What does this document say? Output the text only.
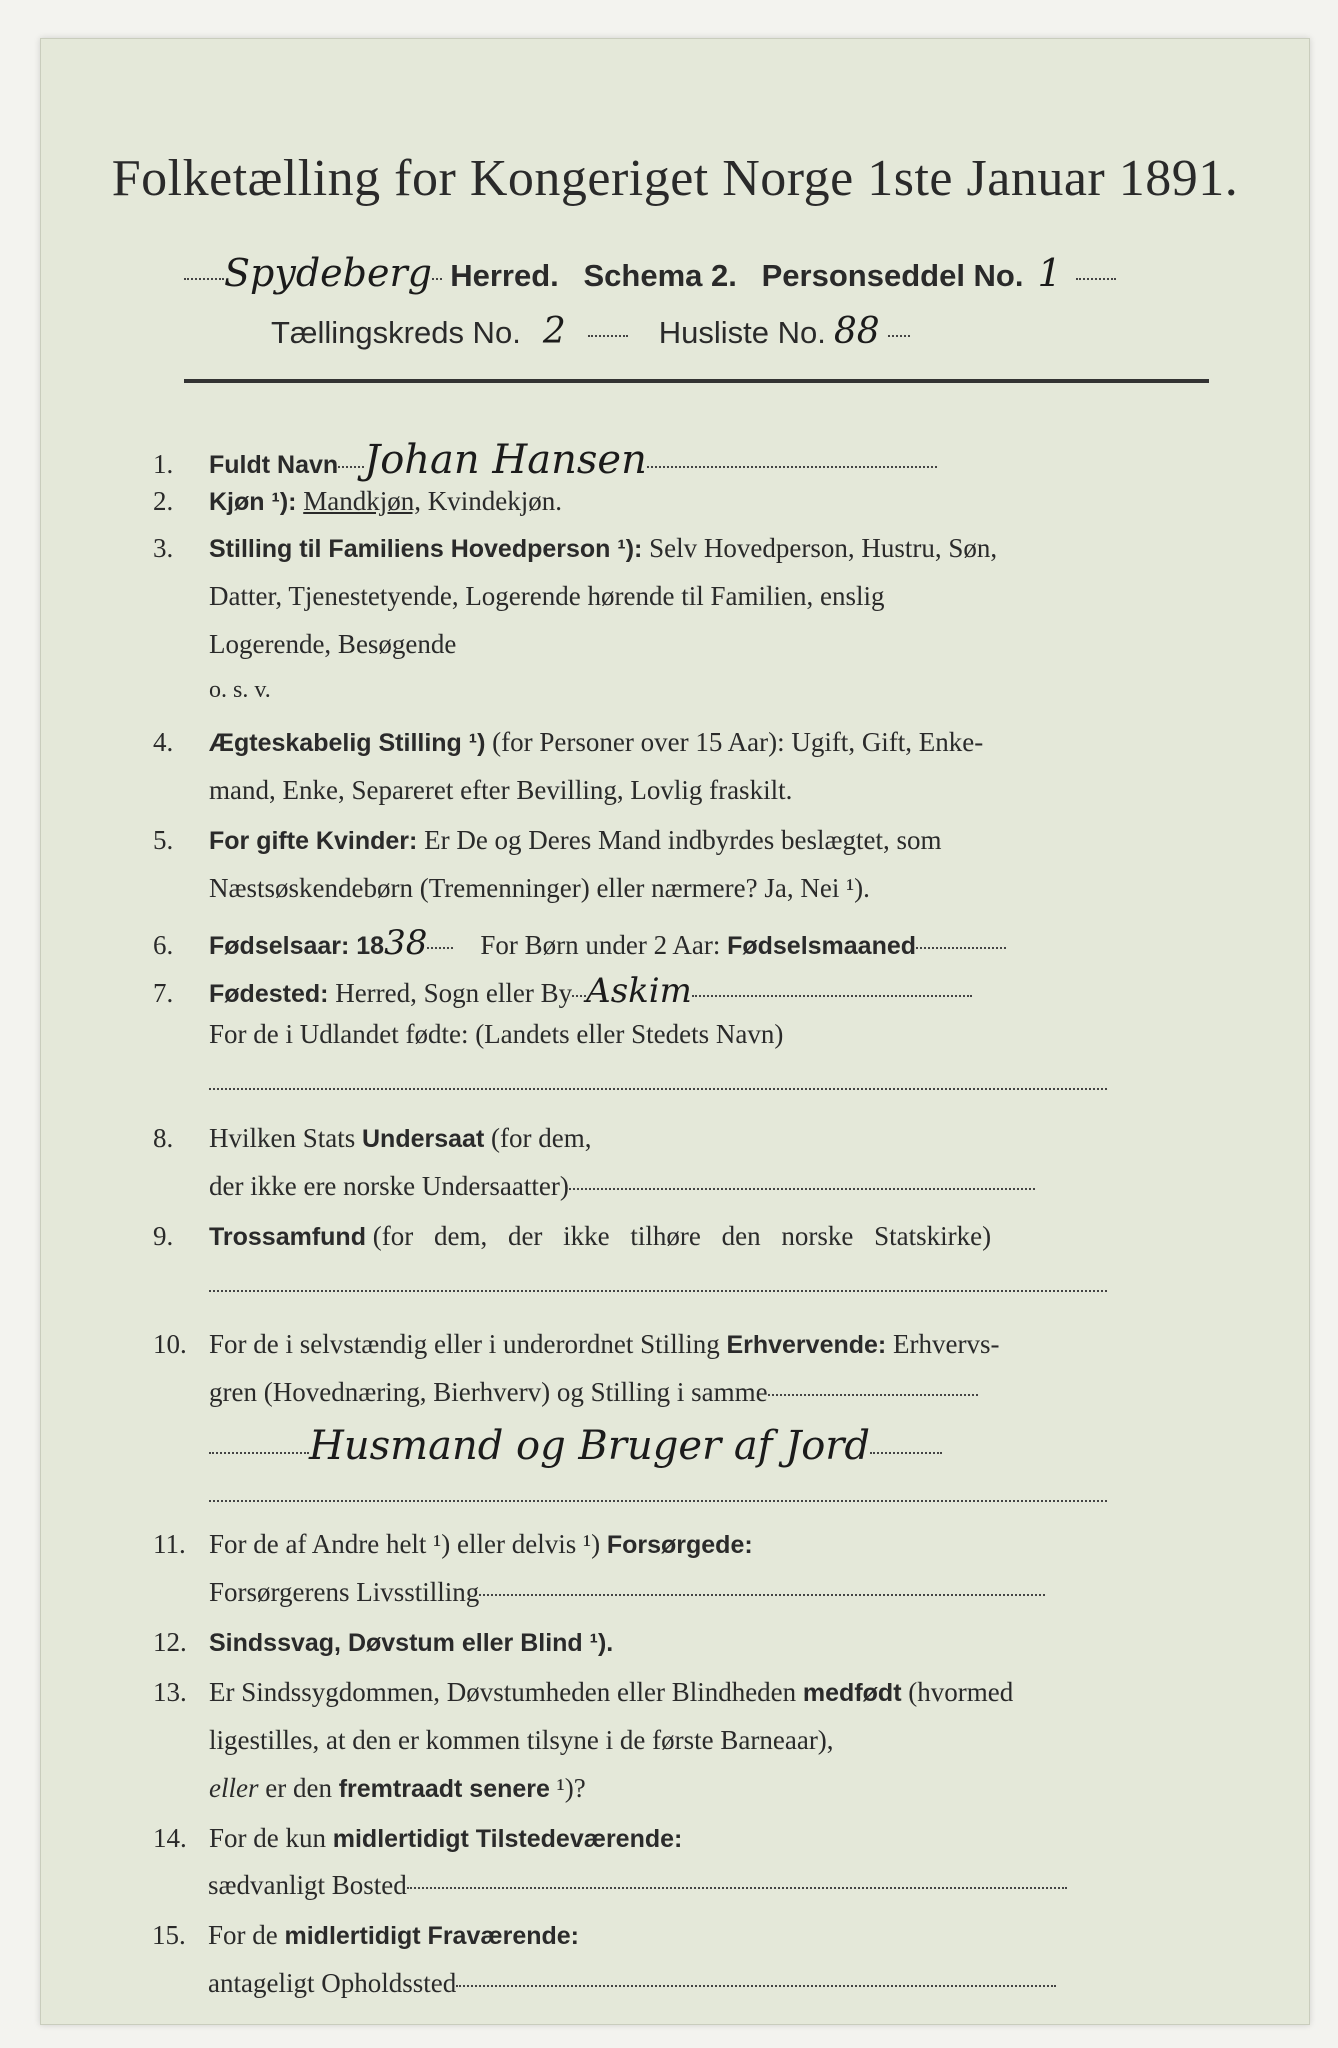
Folketælling for Kongeriget Norge 1ste Januar 1891.
Spydeberg Herred. Schema 2. Personseddel No. 1
Tællingskreds No. 2	Husliste No. 88
1. Fuldt Navn Johan Hansen
2. Kjøn ¹): Mandkjøn, Kvindekjøn.
3. Stilling til Familiens Hovedperson ¹): Selv Hovedperson, Hustru, Søn,
Datter, Tjenestetyende, Logerende hørende til Familien, enslig
Logerende, Besøgende
o. s. v.
4. Ægteskabelig Stilling ¹) (for Personer over 15 Aar): Ugift, Gift, Enke-
mand, Enke, Separeret efter Bevilling, Lovlig fraskilt.
5. For gifte Kvinder: Er De og Deres Mand indbyrdes beslægtet, som
Næstsøskendebørn (Tremenninger) eller nærmere? Ja, Nei ¹).
6. Fødselsaar: 1838 For Børn under 2 Aar: Fødselsmaaned
7. Fødested: Herred, Sogn eller By Askim
For de i Udlandet fødte: (Landets eller Stedets Navn)
8. Hvilken Stats Undersaat (for dem,
der ikke ere norske Undersaatter)
9. Trossamfund (for dem, der ikke tilhøre den norske Statskirke)
10. For de i selvstændig eller i underordnet Stilling Erhvervende: Erhvervs-
gren (Hovednæring, Bierhverv) og Stilling i samme
Husmand og Bruger af Jord
11. For de af Andre helt ¹) eller delvis ¹) Forsørgede:
Forsørgerens Livsstilling
12. Sindssvag, Døvstum eller Blind ¹).
13. Er Sindssygdommen, Døvstumheden eller Blindheden medfødt (hvormed
ligestilles, at den er kommen tilsyne i de første Barneaar),
eller er den fremtraadt senere ¹)?
14. For de kun midlertidigt Tilstedeværende:
sædvanligt Bosted
15. For de midlertidigt Fraværende:
antageligt Opholdssted
